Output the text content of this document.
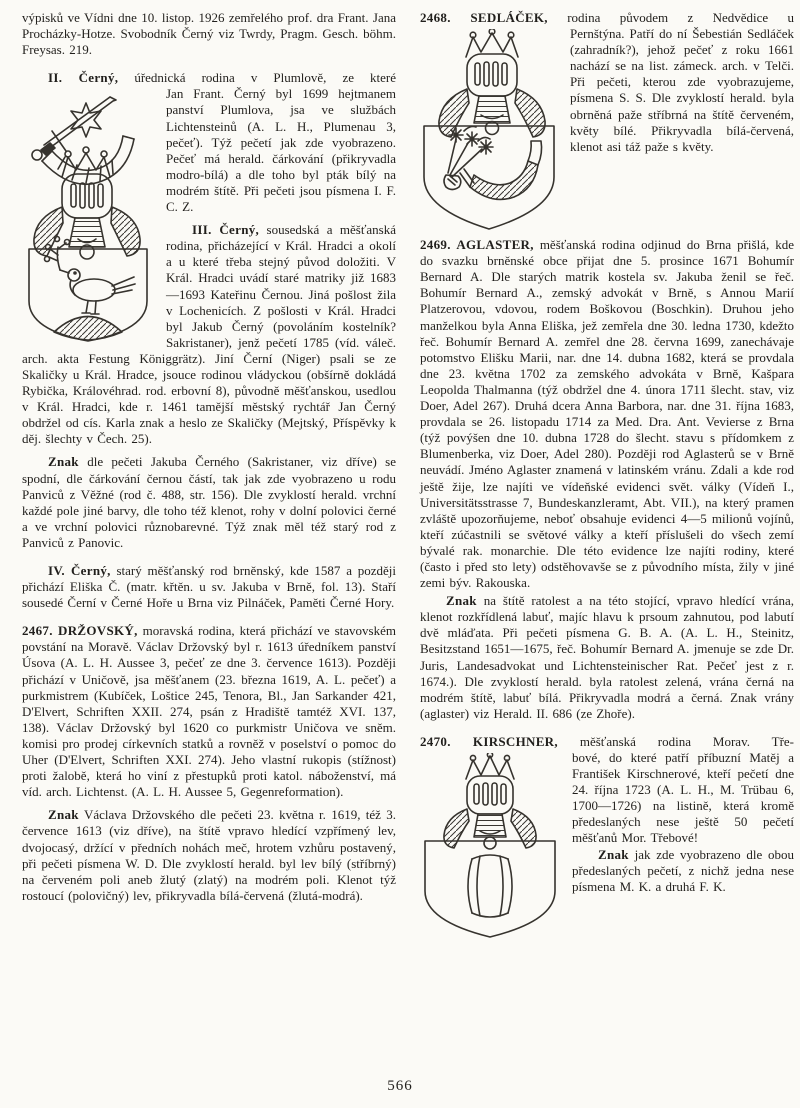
výpisků ve Vídni dne 10. listop. 1926 zemřelého prof. dra Frant. Jana Procházky-Hotze. Svobodník Černý viz Twrdy, Pragm. Gesch. böhm. Freysas. 219.

II. Černý, úřednická rodina v Plumlově, ze které

Jan Frant. Černý byl 1699 hejtmanem panství Plumlova, jsa ve službách Lichtensteinů (A. L. H., Plumenau 3, pečeť). Týž pečetí jak zde vyobrazeno. Pečeť má herald. čárkování (přikryvadla modro-bílá) a dle toho byl pták bílý na modrém štítě. Při pečeti jsou písmena I. F. C. Z.

III. Černý, sousedská a měšťanská rodina, přicházející v Král. Hradci a okolí a u které třeba stejný původ doložiti. V Král. Hradci uvádí staré matriky již 1683—1693 Kateřinu Černou. Jiná pošlost žila v Lochenicích. Z pošlosti v Král. Hradci byl Jakub Černý (povoláním kostelník? Sakristaner), jenž pečetí 1785 (víd. váleč. arch. akta Festung Königgrätz). Jiní Černí (Niger) psali se ze Skaličky u Král. Hradce, jsouce rodinou vládyckou (obšírně dokládá Rybička, Královéhrad. rod. erbovní 8), původně měšťanskou, usedlou v Král. Hradci, kde r. 1461 tamější městský rychtář Jan Černý obdržel od cís. Karla znak a heslo ze Skaličky (Mejtský, Příspěvky k děj. šlechty v Čech. 25).

Znak dle pečeti Jakuba Černého (Sakristaner, viz dříve) se spodní, dle čárkování černou částí, tak jak zde vyobrazeno u rodu Panviců z Věžné (rod č. 488, str. 156). Dle zvyklostí herald. vrchní každé pole jiné barvy, dle toho též klenot, rohy v dolní polovici černé a ve vrchní polovici různobarevné. Týž znak měl též starý rod z Panviců z Panovic.

IV. Černý, starý měšťanský rod brněnský, kde 1587 a později přichází Eliška Č. (matr. křtěn. u sv. Jakuba v Brně, fol. 13). Staří sousedé Černí v Černé Hoře u Brna viz Pilnáček, Paměti Černé Hory.

2467. DRŽOVSKÝ, moravská rodina, která přichází ve stavovském povstání na Moravě. Václav Držovský byl r. 1613 úředníkem panství Úsova (A. L. H. Aussee 3, pečeť ze dne 3. července 1613). Později přichází v Uničově, jsa měšťanem (23. března 1619, A. L. pečeť) a purkmistrem (Kubíček, Loštice 245, Tenora, Bl., Jan Sarkander 421, D'Elvert, Schriften XXII. 274, psán z Hradiště tamtéž XVI. 137, 138). Václav Držovský byl 1620 co purkmistr Uničova ve sněm. komisi pro prodej církevních statků a rovněž v poselství o pomoc do Uher (D'Elvert, Schriften XXI. 274). Jeho vlastní rukopis (stížnost) proti žalobě, která ho viní z přestupků proti katol. náboženství, má víd. arch. Lichtenst. (A. L. H. Aussee 5, Gegenreformation).

Znak Václava Držovského dle pečeti 23. května r. 1619, též 3. července 1613 (viz dříve), na štítě vpravo hledící vzpřímený lev, dvojocasý, držící v předních nohách meč, hrotem vzhůru postavený, při pečeti písmena W. D. Dle zvyklostí herald. byl lev bílý (stříbrný) na červeném poli aneb žlutý (zlatý) na modrém poli. Klenot týž rostoucí (polovičný) lev, přikryvadla bílá-červená (žlutá-modrá).

2468. SEDLÁČEK, rodina původem z Nedvědice u

Pernštýna. Patří do ní Šebestián Sedláček (zahradník?), jehož pečeť z roku 1661 nachází se na list. zámeck. arch. v Telči. Při pečeti, kterou zde vyobrazujeme, písmena S. S. Dle zvyklostí herald. byla obrněná paže stříbrná na štítě červeném, květy bílé. Přikryvadla bílá-červená, klenot asi táž paže s květy.

2469. AGLASTER, měšťanská rodina odjinud do Brna přišlá, kde do svazku brněnské obce přijat dne 5. prosince 1671 Bohumír Bernard A. Dle starých matrik kostela sv. Jakuba ženil se řeč. Bohumír Bernard A., zemský advokát v Brně, s Annou Marií Platzerovou, vdovou, rodem Boškovou (Boschkin). Druhou jeho manželkou byla Anna Eliška, jež zemřela dne 30. ledna 1730, kdežto řeč. Bohumír Bernard A. zemřel dne 28. června 1699, zanechávaje potomstvo Elišku Marii, nar. dne 14. dubna 1682, která se provdala dne 23. května 1702 za zemského advokáta v Brně, Kašpara Leopolda Thalmanna (týž obdržel dne 4. února 1711 šlecht. stav, viz Doer, Adel 267). Druhá dcera Anna Barbora, nar. dne 31. října 1683, provdala se 26. listopadu 1714 za Med. Dra. Ant. Vevierse z Brna (týž povýšen dne 10. dubna 1728 do šlecht. stavu s přídomkem z Blumenberka, viz Doer, Adel 280). Později rod Aglasterů se v Brně neuvádí. Jméno Aglaster znamená v latinském vránu. Zdali a kde rod ještě žije, lze najíti ve vídeňské evidenci svět. války (Vídeň I., Universitätsstrasse 7, Bundeskanzleramt, Abt. VII.), na který pramen zvláště upozorňujeme, neboť obsahuje evidenci 4—5 milionů vojínů, kteří zúčastnili se světové války a kteří příslušeli do všech zemí bývalé rak. monarchie. Dle této evidence lze najíti rodiny, které (často i před sto lety) odstěhovavše se z původního místa, žily v jiné zemi býv. Rakouska.

Znak na štítě ratolest a na této stojící, vpravo hledící vrána, klenot rozkřídlená labuť, majíc hlavu k prsoum zahnutou, pod labutí dvě mláďata. Při pečeti písmena G. B. A. (A. L. H., Steinitz, Besitzstand 1651—1675, řeč. Bohumír Bernard A. jmenuje se zde Dr. Juris, Landesadvokat und Lichtensteinischer Rat. Pečeť jest z r. 1674.). Dle zvyklostí herald. byla ratolest zelená, vrána černá na modrém štítě, labuť bílá. Přikryvadla modrá a černá. Znak vrány (aglaster) viz Herald. II. 686 (ze Zhoře).

2470. KIRSCHNER, měšťanská rodina Morav. Tře-

bové, do které patří příbuzní Matěj a František Kirschnerové, kteří pečetí dne 24. října 1723 (A. L. H., M. Trübau 6, 1700—1726) na listině, která kromě předeslaných nese ještě 50 pečetí měšťanů Mor. Třebové!

Znak jak zde vyobrazeno dle obou předeslaných pečetí, z nichž jedna nese písmena M. K. a druhá F. K.

566
